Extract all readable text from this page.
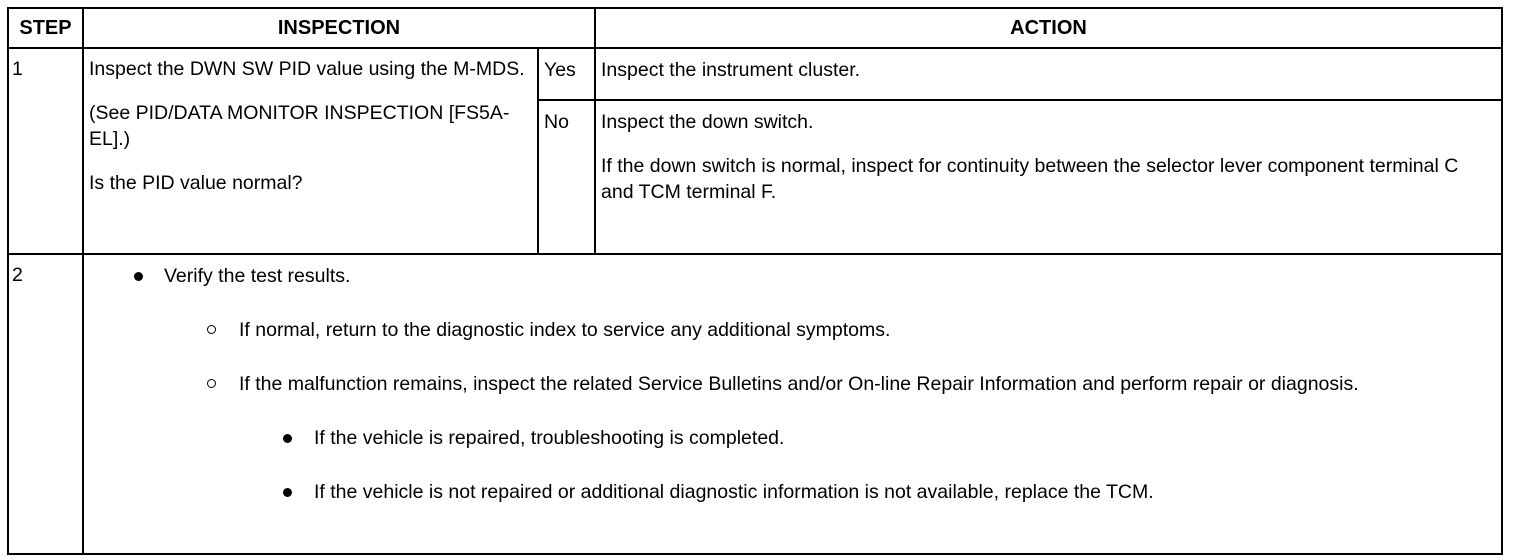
STEP	INSPECTION		ACTION

1	Inspect the DWN SW PID value using the M-MDS.

(See PID/DATA MONITOR INSPECTION [FS5A-EL].)

Is the PID value normal?	Yes	Inspect the instrument cluster.

		No	Inspect the down switch.

If the down switch is normal, inspect for continuity between the selector lever component terminal C and TCM terminal F.

2	Verify the test results.
If normal, return to the diagnostic index to service any additional symptoms.
If the malfunction remains, inspect the related Service Bulletins and/or On-line Repair Information and perform repair or diagnosis.
If the vehicle is repaired, troubleshooting is completed.
If the vehicle is not repaired or additional diagnostic information is not available, replace the TCM.		
